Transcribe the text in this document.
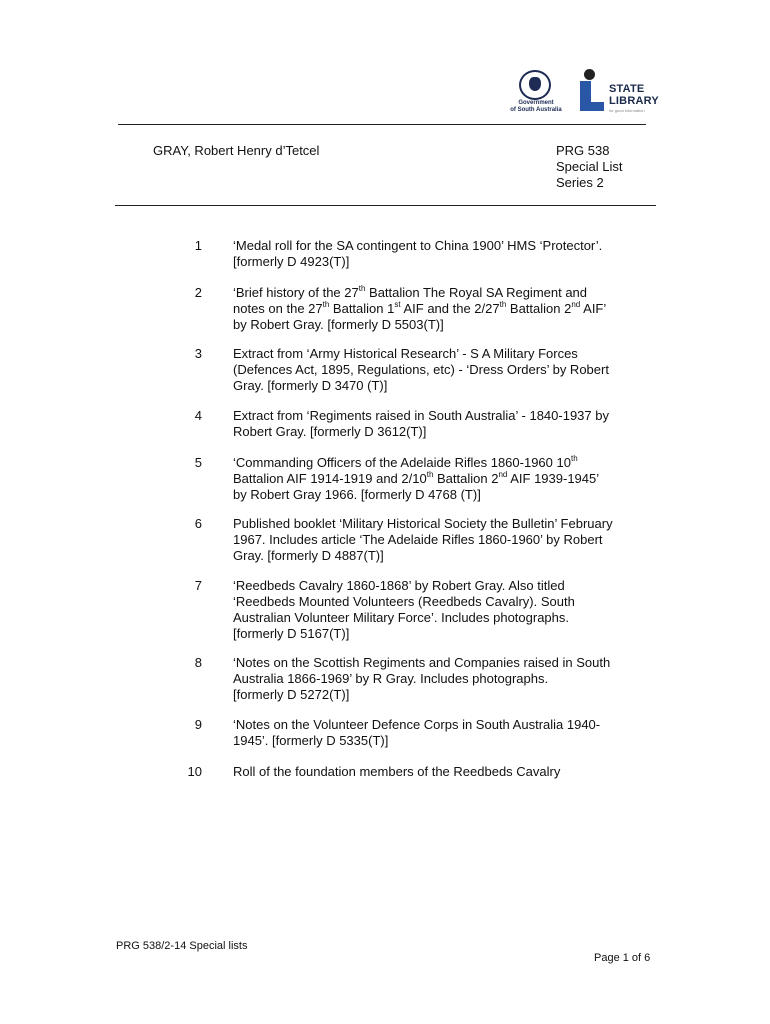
Government
of South Australia
STATE
LIBRARY
for good information
GRAY, Robert Henry d’Tetcel	PRG 538
Special List
Series 2
1 ‘Medal roll for the SA contingent to China 1900’ HMS ‘Protector’.
[formerly D 4923(T)]
2 ‘Brief history of the 27th Battalion The Royal SA Regiment and
notes on the 27th Battalion 1st AIF and the 2/27th Battalion 2nd AIF’
by Robert Gray. [formerly D 5503(T)]
3 Extract from ‘Army Historical Research’ - S A Military Forces
(Defences Act, 1895, Regulations, etc) - ‘Dress Orders’ by Robert
Gray. [formerly D 3470 (T)]
4 Extract from ‘Regiments raised in South Australia’ - 1840-1937 by
Robert Gray. [formerly D 3612(T)]
5 ‘Commanding Officers of the Adelaide Rifles 1860-1960 10th
Battalion AIF 1914-1919 and 2/10th Battalion 2nd AIF 1939-1945’
by Robert Gray 1966. [formerly D 4768 (T)]
6 Published booklet ‘Military Historical Society the Bulletin’ February
1967. Includes article ‘The Adelaide Rifles 1860-1960’ by Robert
Gray. [formerly D 4887(T)]
7 ‘Reedbeds Cavalry 1860-1868’ by Robert Gray. Also titled
‘Reedbeds Mounted Volunteers (Reedbeds Cavalry). South
Australian Volunteer Military Force’. Includes photographs.
[formerly D 5167(T)]
8 ‘Notes on the Scottish Regiments and Companies raised in South
Australia 1866-1969’ by R Gray. Includes photographs.
[formerly D 5272(T)]
9 ‘Notes on the Volunteer Defence Corps in South Australia 1940-
1945’. [formerly D 5335(T)]
10 Roll of the foundation members of the Reedbeds Cavalry
PRG 538/2-14 Special lists
Page 1 of 6
